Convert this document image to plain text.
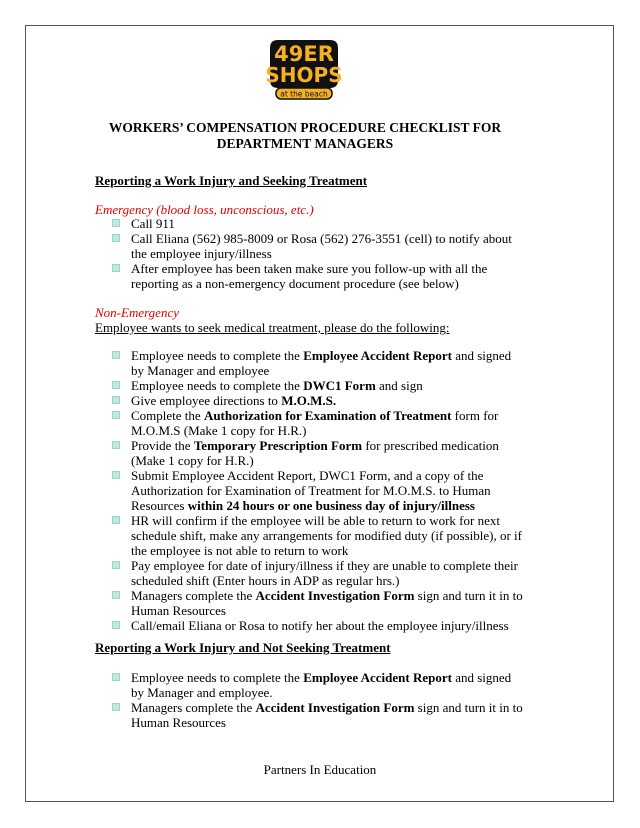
49ER
SHOPS
at the beach
WORKERS’ COMPENSATION PROCEDURE CHECKLIST FOR
DEPARTMENT MANAGERS
Reporting a Work Injury and Seeking Treatment
Emergency (blood loss, unconscious, etc.)
Call 911
Call Eliana (562) 985-8009 or Rosa (562) 276-3551 (cell) to notify about
the employee injury/illness
After employee has been taken make sure you follow-up with all the
reporting as a non-emergency document procedure (see below)
Non-Emergency
Employee wants to seek medical treatment, please do the following:
Employee needs to complete the Employee Accident Report and signed
by Manager and employee
Employee needs to complete the DWC1 Form and sign
Give employee directions to M.O.M.S.
Complete the Authorization for Examination of Treatment form for
M.O.M.S (Make 1 copy for H.R.)
Provide the Temporary Prescription Form for prescribed medication
(Make 1 copy for H.R.)
Submit Employee Accident Report, DWC1 Form, and a copy of the
Authorization for Examination of Treatment for M.O.M.S. to Human
Resources within 24 hours or one business day of injury/illness
HR will confirm if the employee will be able to return to work for next
schedule shift, make any arrangements for modified duty (if possible), or if
the employee is not able to return to work
Pay employee for date of injury/illness if they are unable to complete their
scheduled shift (Enter hours in ADP as regular hrs.)
Managers complete the Accident Investigation Form sign and turn it in to
Human Resources
Call/email Eliana or Rosa to notify her about the employee injury/illness
Reporting a Work Injury and Not Seeking Treatment
Employee needs to complete the Employee Accident Report and signed
by Manager and employee.
Managers complete the Accident Investigation Form sign and turn it in to
Human Resources
Partners In Education
